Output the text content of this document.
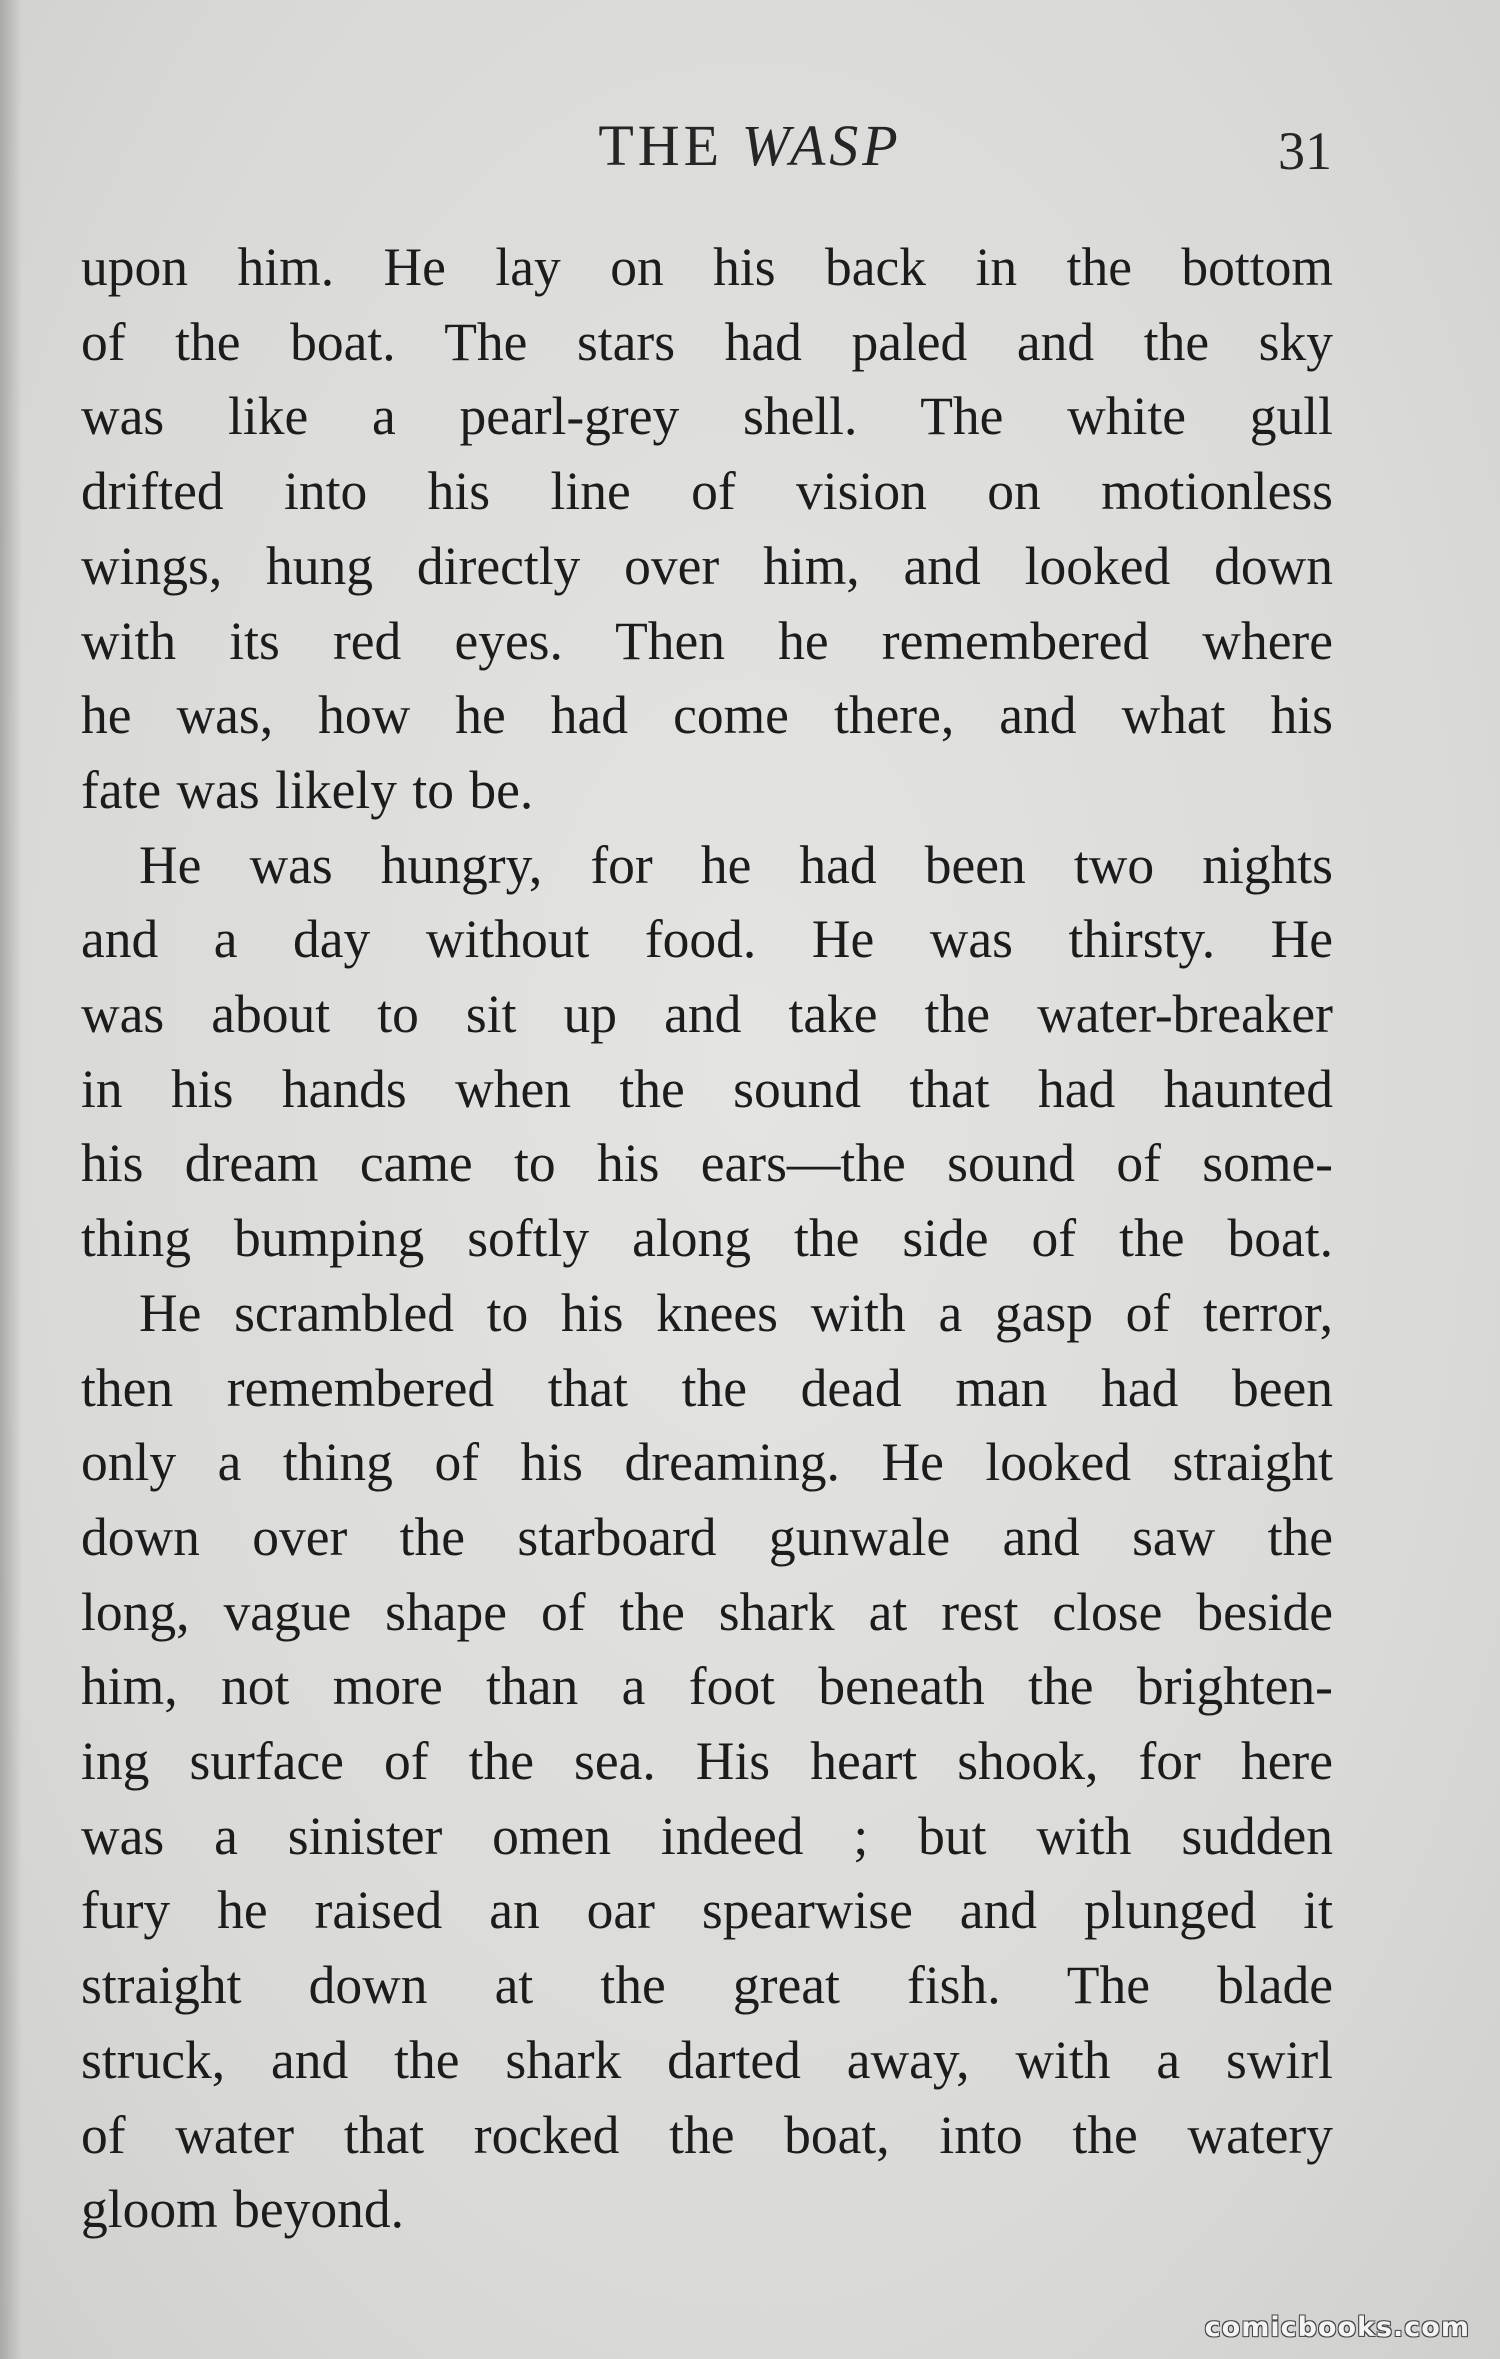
THE WASP	31

upon him. He lay on his back in the bottom
of the boat. The stars had paled and the sky
was like a pearl-grey shell. The white gull
drifted into his line of vision on motionless
wings, hung directly over him, and looked down
with its red eyes. Then he remembered where
he was, how he had come there, and what his
fate was likely to be.

He was hungry, for he had been two nights
and a day without food. He was thirsty. He
was about to sit up and take the water-breaker
in his hands when the sound that had haunted
his dream came to his ears—the sound of some-
thing bumping softly along the side of the boat.

He scrambled to his knees with a gasp of terror,
then remembered that the dead man had been
only a thing of his dreaming. He looked straight
down over the starboard gunwale and saw the
long, vague shape of the shark at rest close beside
him, not more than a foot beneath the brighten-
ing surface of the sea. His heart shook, for here
was a sinister omen indeed ; but with sudden
fury he raised an oar spearwise and plunged it
straight down at the great fish. The blade
struck, and the shark darted away, with a swirl
of water that rocked the boat, into the watery
gloom beyond.

comicbooks.com
